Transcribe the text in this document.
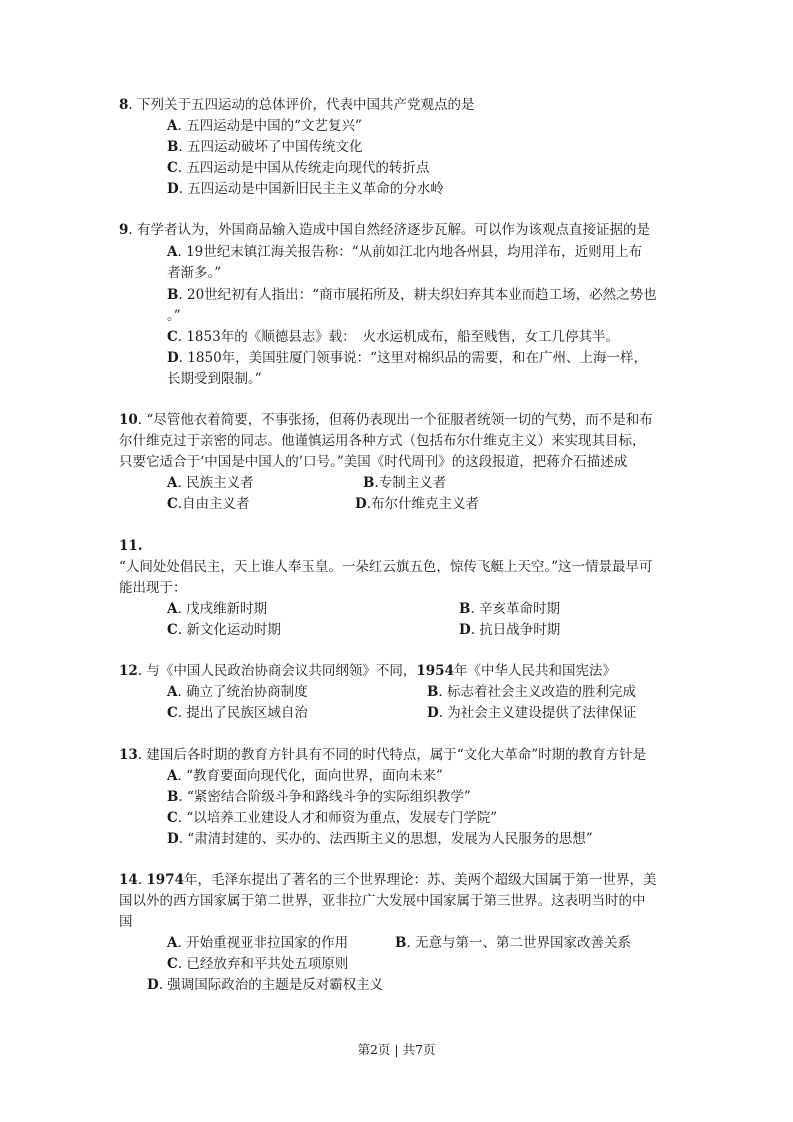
8. 下列关于五四运动的总体评价，代表中国共产党观点的是
A. 五四运动是中国的“文艺复兴”
B. 五四运动破坏了中国传统文化
C. 五四运动是中国从传统走向现代的转折点
D. 五四运动是中国新旧民主主义革命的分水岭
9. 有学者认为，外国商品输入造成中国自然经济逐步瓦解。可以作为该观点直接证据的是
A. 19世纪末镇江海关报告称：“从前如江北内地各州县，均用洋布，近则用上布
者渐多。”
B. 20世纪初有人指出：“商市展拓所及，耕夫织妇弃其本业而趋工场，必然之势也
。”
C. 1853年的《顺德县志》载：　火水运机成布，船至贱售，女工几停其半。
D. 1850年，美国驻厦门领事说：“这里对棉织品的需要，和在广州、上海一样，
长期受到限制。”
10. “尽管他衣着简要，不事张扬，但蒋仍表现出一个征服者统领一切的气势，而不是和布
尔什维克过于亲密的同志。他谨慎运用各种方式（包括布尔什维克主义）来实现其目标，
只要它适合于‘中国是中国人的’口号。”美国《时代周刊》的这段报道，把蒋介石描述成
A. 民族主义者	B.专制主义者
C.自由主义者	D.布尔什维克主义者
11.
“人间处处倡民主，天上谁人奉玉皇。一朵红云旗五色，惊传飞艇上天空。”这一情景最早可
能出现于：
A. 戊戌维新时期	B. 辛亥革命时期
C. 新文化运动时期	D. 抗日战争时期
12. 与《中国人民政治协商会议共同纲领》不同，1954年《中华人民共和国宪法》
A. 确立了统治协商制度	B. 标志着社会主义改造的胜利完成
C. 提出了民族区域自治	D. 为社会主义建设提供了法律保证
13. 建国后各时期的教育方针具有不同的时代特点，属于“文化大革命”时期的教育方针是
A. “教育要面向现代化，面向世界，面向未来”
B. “紧密结合阶级斗争和路线斗争的实际组织教学”
C. “以培养工业建设人才和师资为重点，发展专门学院”
D. “肃清封建的、买办的、法西斯主义的思想，发展为人民服务的思想”
14. 1974年，毛泽东提出了著名的三个世界理论：苏、美两个超级大国属于第一世界，美
国以外的西方国家属于第二世界，亚非拉广大发展中国家属于第三世界。这表明当时的中
国
A. 开始重视亚非拉国家的作用	B. 无意与第一、第二世界国家改善关系
C. 已经放弃和平共处五项原则
D. 强调国际政治的主题是反对霸权主义
第2页 | 共7页
